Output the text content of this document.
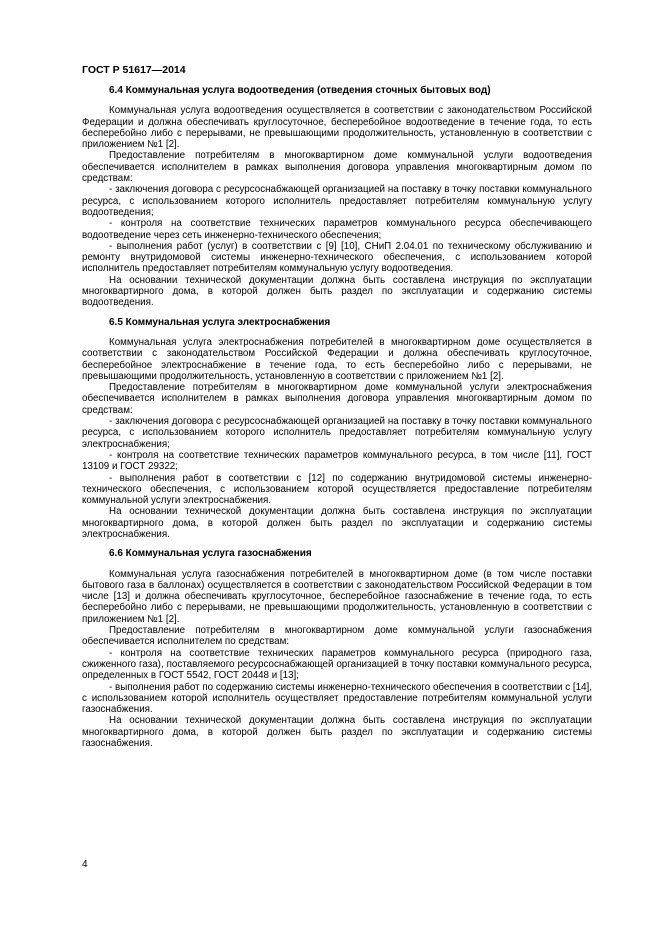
ГОСТ Р 51617—2014
6.4 Коммунальная услуга водоотведения (отведения сточных бытовых вод)

Коммунальная услуга водоотведения осуществляется в соответствии с законодательством Российской Федерации и должна обеспечивать круглосуточное, бесперебойное водоотведение в течение года, то есть бесперебойно либо с перерывами, не превышающими продолжительность, установленную в соответствии с приложением №1 [2].

Предоставление потребителям в многоквартирном доме коммунальной услуги водоотведения обеспечивается исполнителем в рамках выполнения договора управления многоквартирным домом по средствам:

- заключения договора с ресурсоснабжающей организацией на поставку в точку поставки коммунального ресурса, с использованием которого исполнитель предоставляет потребителям коммунальную услугу водоотведения;

- контроля на соответствие технических параметров коммунального ресурса обеспечивающего водоотведение через сеть инженерно-технического обеспечения;

- выполнения работ (услуг) в соответствии с [9] [10], СНиП 2.04.01 по техническому обслуживанию и ремонту внутридомовой системы инженерно-технического обеспечения, с использованием которой исполнитель предоставляет потребителям коммунальную услугу водоотведения.

На основании технической документации должна быть составлена инструкция по эксплуатации многоквартирного дома, в которой должен быть раздел по эксплуатации и содержанию системы водоотведения.

6.5 Коммунальная услуга электроснабжения

Коммунальная услуга электроснабжения потребителей в многоквартирном доме осуществляется в соответствии с законодательством Российской Федерации и должна обеспечивать круглосуточное, бесперебойное электроснабжение в течение года, то есть бесперебойно либо с перерывами, не превышающими продолжительность, установленную в соответствии с приложением №1 [2].

Предоставление потребителям в многоквартирном доме коммунальной услуги электроснабжения обеспечивается исполнителем в рамках выполнения договора управления многоквартирным домом по средствам:

- заключения договора с ресурсоснабжающей организацией на поставку в точку поставки коммунального ресурса, с использованием которого исполнитель предоставляет потребителям коммунальную услугу электроснабжения;

- контроля на соответствие технических параметров коммунального ресурса, в том числе [11], ГОСТ 13109 и ГОСТ 29322;

- выполнения работ в соответствии с [12] по содержанию внутридомовой системы инженерно-технического обеспечения, с использованием которой осуществляется предоставление потребителям коммунальной услуги электроснабжения.

На основании технической документации должна быть составлена инструкция по эксплуатации многоквартирного дома, в которой должен быть раздел по эксплуатации и содержанию системы электроснабжения.

6.6 Коммунальная услуга газоснабжения

Коммунальная услуга газоснабжения потребителей в многоквартирном доме (в том числе поставки бытового газа в баллонах) осуществляется в соответствии с законодательством Российской Федерации в том числе [13] и должна обеспечивать круглосуточное, бесперебойное газоснабжение в течение года, то есть бесперебойно либо с перерывами, не превышающими продолжительность, установленную в соответствии с приложением №1 [2].

Предоставление потребителям в многоквартирном доме коммунальной услуги газоснабжения обеспечивается исполнителем по средствам:

- контроля на соответствие технических параметров коммунального ресурса (природного газа, сжиженного газа), поставляемого ресурсоснабжающей организацией в точку поставки коммунального ресурса, определенных в ГОСТ 5542, ГОСТ 20448 и [13];

- выполнения работ по содержанию системы инженерно-технического обеспечения в соответствии с [14], с использованием которой исполнитель осуществляет предоставление потребителям коммунальной услуги газоснабжения.

На основании технической документации должна быть составлена инструкция по эксплуатации многоквартирного дома, в которой должен быть раздел по эксплуатации и содержанию системы газоснабжения.

4
